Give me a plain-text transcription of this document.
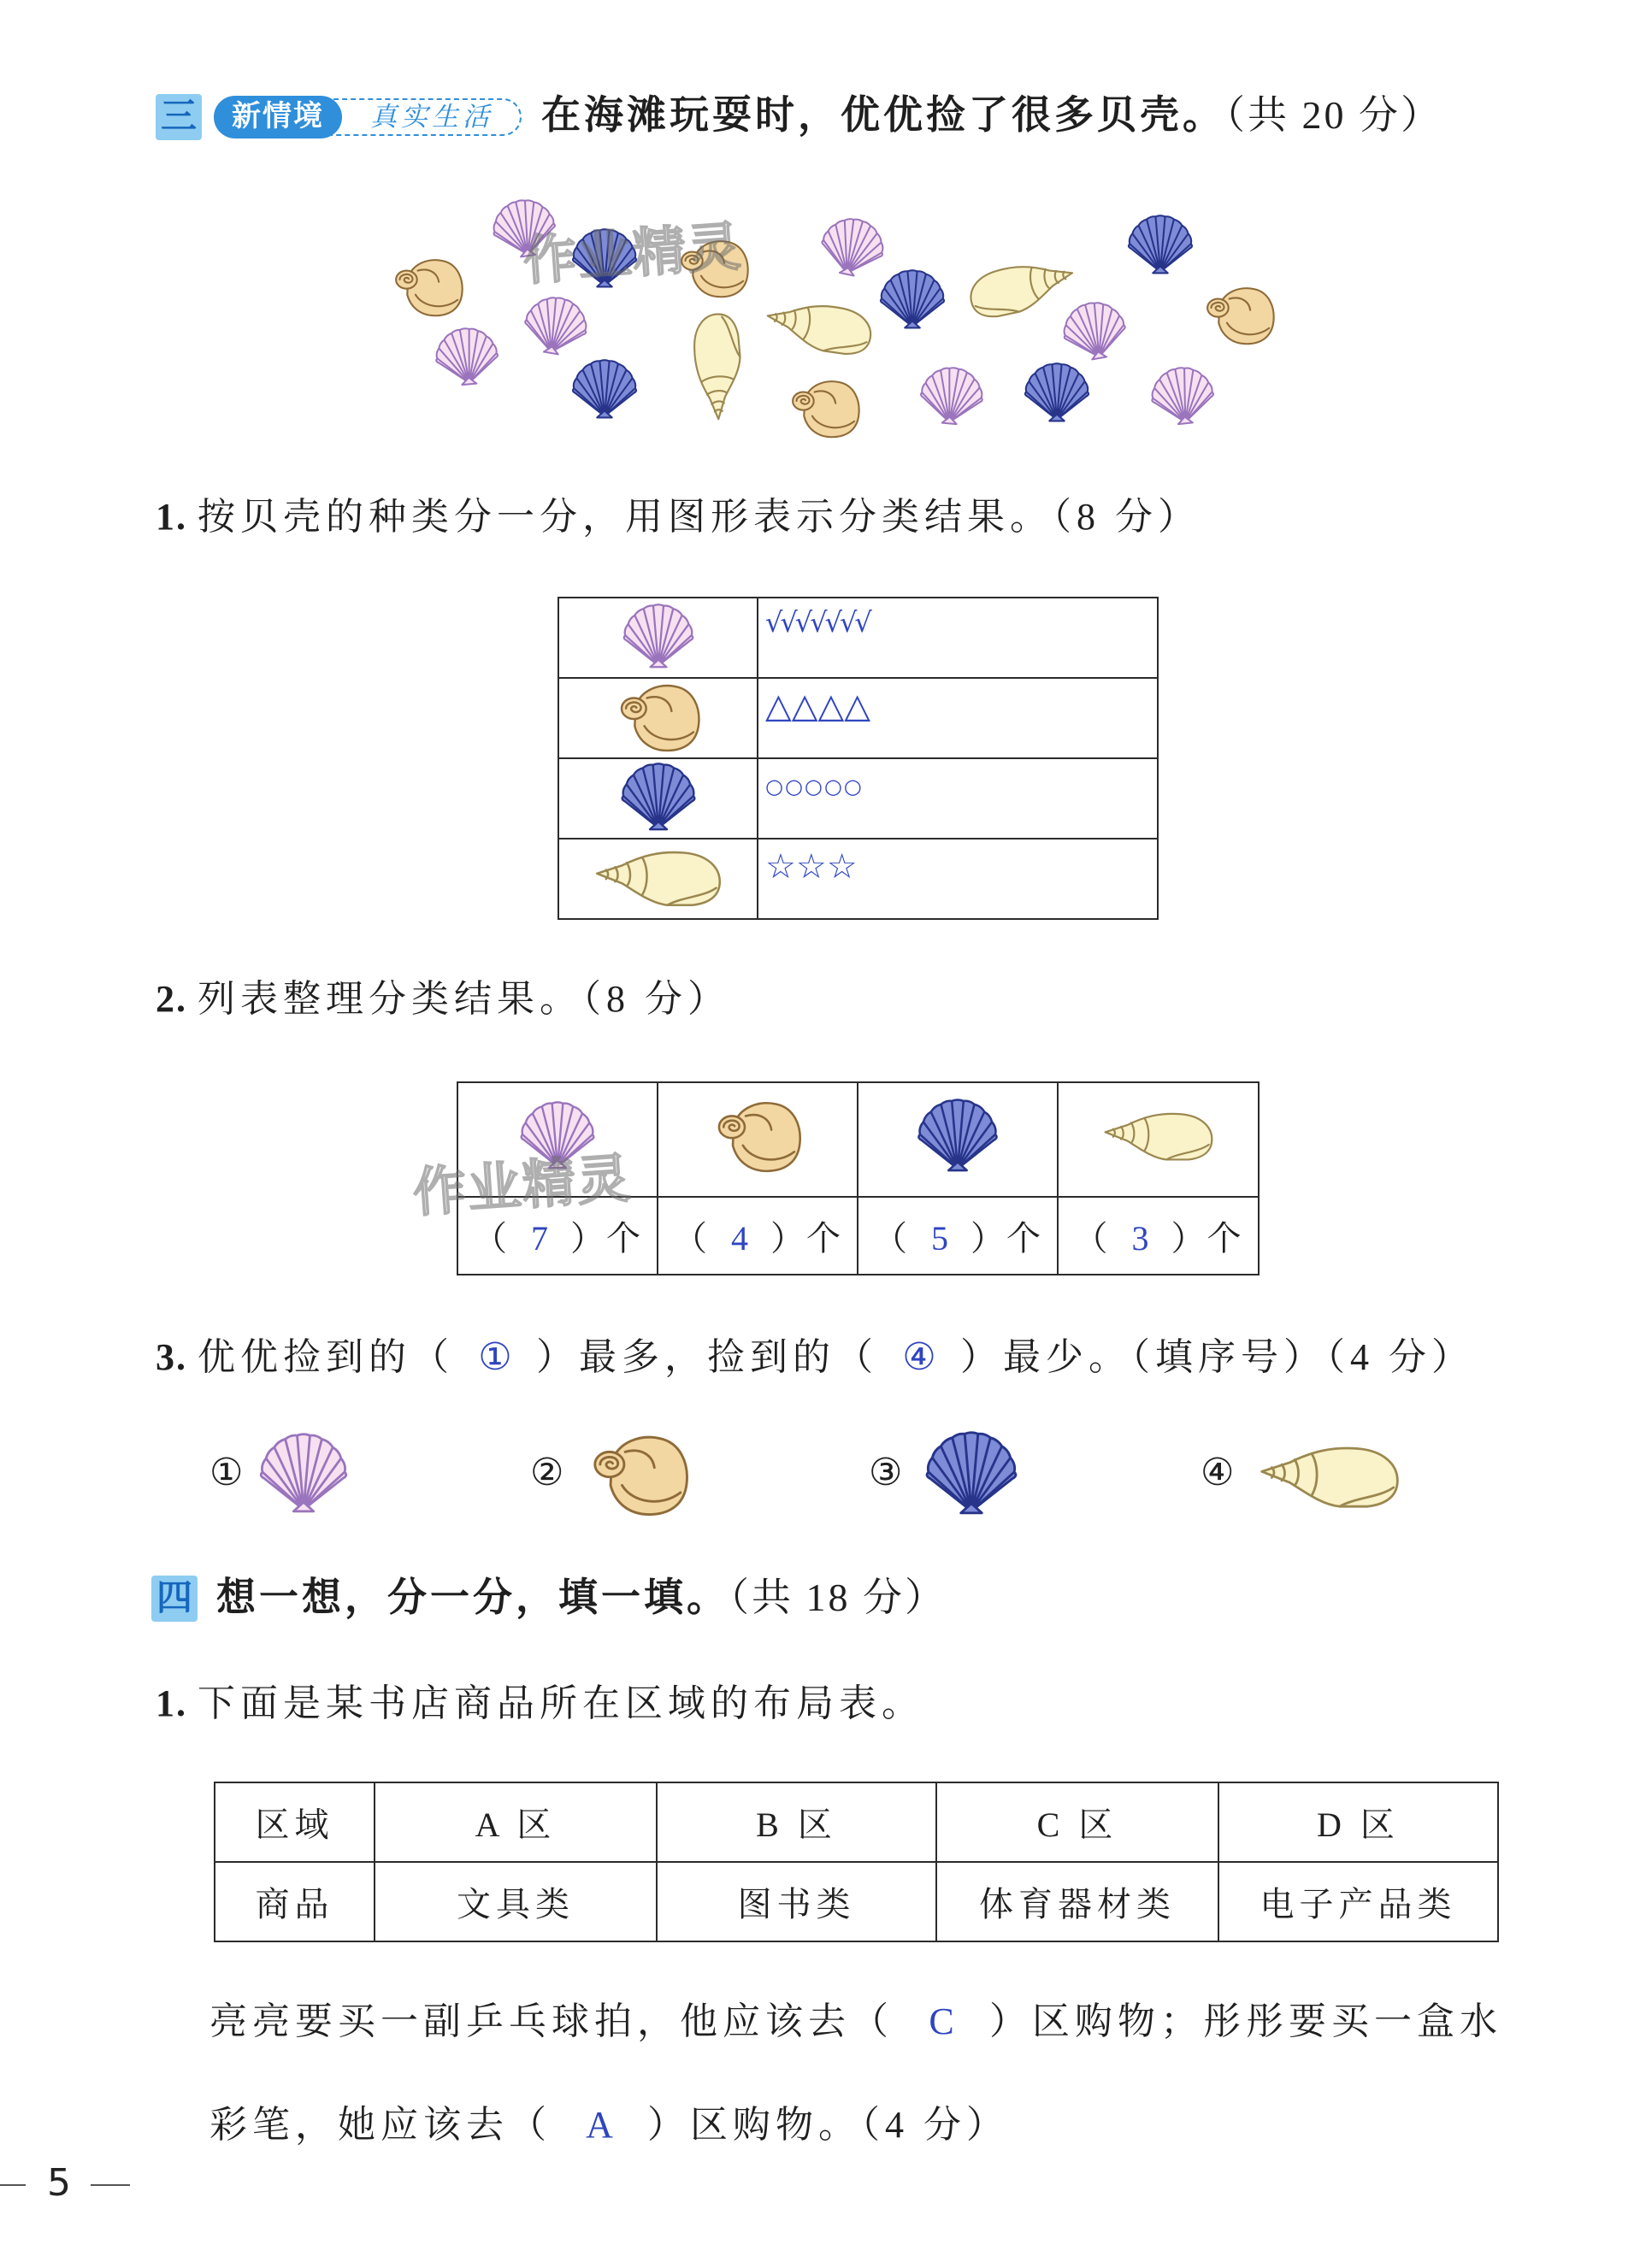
三	新情境	真实生活	在海滩玩耍时，优优捡了很多贝壳。（共 20 分）
作业精灵
1. 按贝壳的种类分一分，用图形表示分类结果。（8 分）
	√√√√√√√
	△△△△
	○○○○○
	☆☆☆
2. 列表整理分类结果。（8 分）

（ 7 ）个	（ 4 ）个	（ 5 ）个	（ 3 ）个
作业精灵
3. 优优捡到的（ ① ）最多，捡到的（ ④ ）最少。（填序号）（4 分）
①	②	③	④
四 想一想，分一分，填一填。（共 18 分）
1. 下面是某书店商品所在区域的布局表。
区域	A 区	B 区	C 区	D 区
商品	文具类	图书类	体育器材类	电子产品类
亮亮要买一副乒乓球拍，他应该去（ C ）区购物；彤彤要买一盒水
彩笔，她应该去（ A ）区购物。（4 分）
5
